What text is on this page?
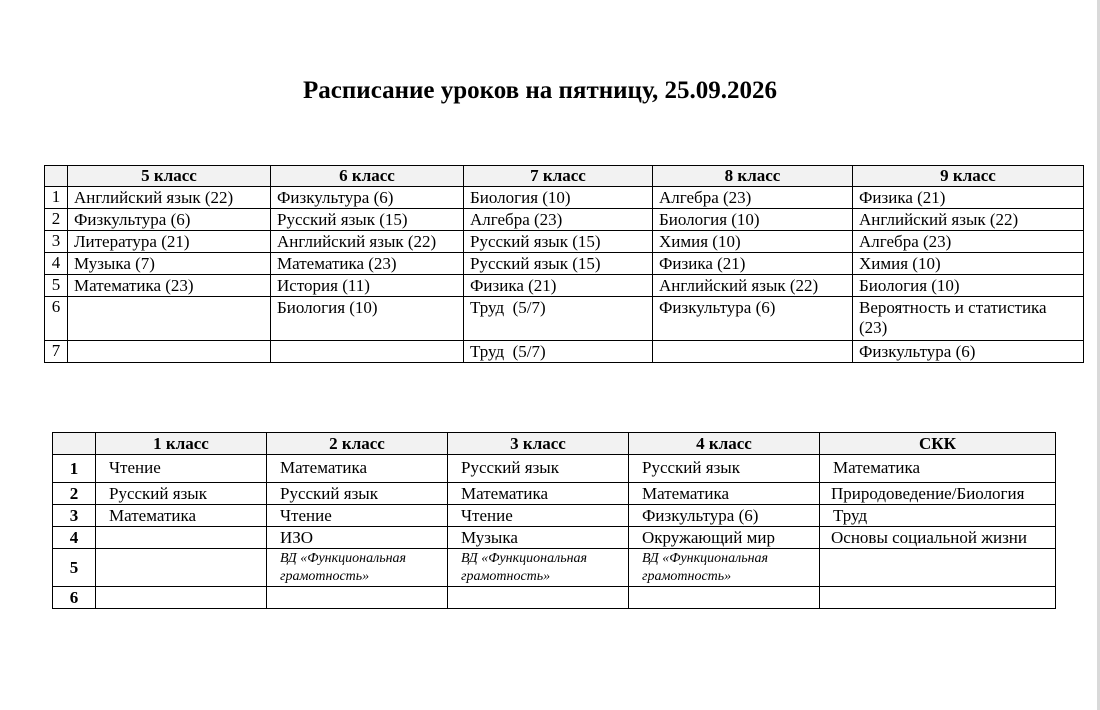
Расписание уроков на пятницу, 25.09.2026
	5 класс	6 класс	7 класс	8 класс	9 класс
1	Английский язык (22)	Физкультура (6)	Биология (10)	Алгебра (23)	Физика (21)
2	Физкультура (6)	Русский язык (15)	Алгебра (23)	Биология (10)	Английский язык (22)
3	Литература (21)	Английский язык (22)	Русский язык (15)	Химия (10)	Алгебра (23)
4	Музыка (7)	Математика (23)	Русский язык (15)	Физика (21)	Химия (10)
5	Математика (23)	История (11)	Физика (21)	Английский язык (22)	Биология (10)
6		Биология (10)	Труд  (5/7)	Физкультура (6)	Вероятность и статистика (23)
7			Труд  (5/7)		Физкультура (6)
	1 класс	2 класс	3 класс	4 класс	СКК
1	Чтение	Математика	Русский язык	Русский язык	Математика
2	Русский язык	Русский язык	Математика	Математика	Природоведение/Биология
3	Математика	Чтение	Чтение	Физкультура (6)	Труд
4		ИЗО	Музыка	Окружающий мир	Основы социальной жизни
5		ВД «Функциональная грамотность»	ВД «Функциональная грамотность»	ВД «Функциональная грамотность»	
6					
